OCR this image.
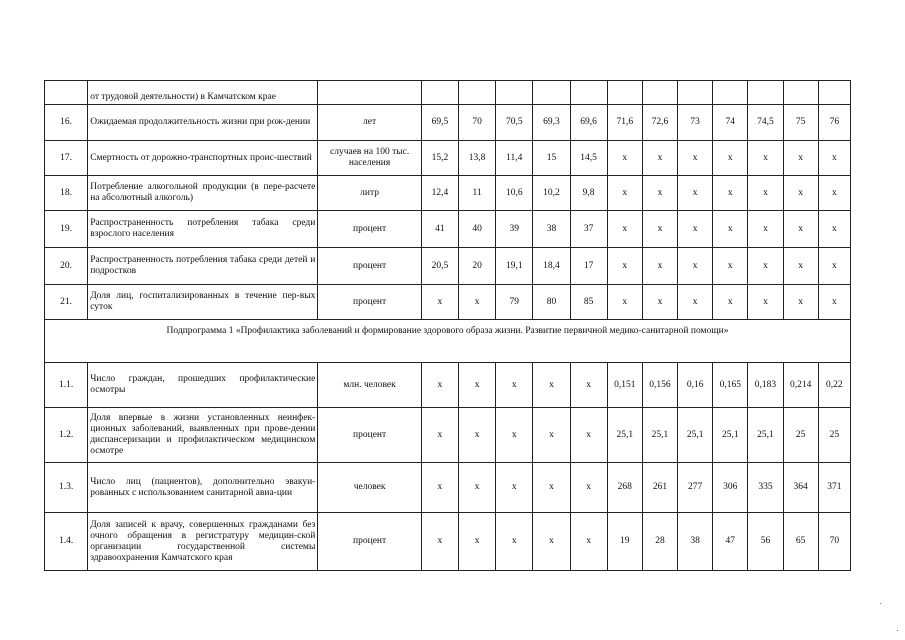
	от трудовой деятельности) в Камчатском крае													
16.	Ожидаемая продолжительность жизни при рож-дении	лет	69,5	70	70,5	69,3	69,6	71,6	72,6	73	74	74,5	75	76
17.	Смертность от дорожно-транспортных проис-шествий	случаев на 100 тыс. населения	15,2	13,8	11,4	15	14,5	х	х	х	х	х	х	х
18.	Потребление алкогольной продукции (в пере-расчете на абсолютный алкоголь)	литр	12,4	11	10,6	10,2	9,8	х	х	х	х	х	х	х
19.	Распространенность потребления табака среди взрослого населения	процент	41	40	39	38	37	х	х	х	х	х	х	х
20.	Распространенность потребления табака среди детей и подростков	процент	20,5	20	19,1	18,4	17	х	х	х	х	х	х	х
21.	Доля лиц, госпитализированных в течение пер-вых суток	процент	х	х	79	80	85	х	х	х	х	х	х	х
Подпрограмма 1 «Профилактика заболеваний и формирование здорового образа жизни. Развитие первичной медико-санитарной помощи»														
1.1.	Число граждан, прошедших профилактические осмотры	млн. человек	х	х	х	х	х	0,151	0,156	0,16	0,165	0,183	0,214	0,22
1.2.	Доля впервые в жизни установленных неинфек-ционных заболеваний, выявленных при прове-дении диспансеризации и профилактическом медицинском осмотре	процент	х	х	х	х	х	25,1	25,1	25,1	25,1	25,1	25	25
1.3.	Число лиц (пациентов), дополнительно эвакуи-рованных с использованием санитарной авиа-ции	человек	х	х	х	х	х	268	261	277	306	335	364	371
1.4.	Доля записей к врачу, совершенных гражданами без очного обращения в регистратуру медицин-ской организации государственной системы здравоохранения Камчатского края	процент	х	х	х	х	х	19	28	38	47	56	65	70
